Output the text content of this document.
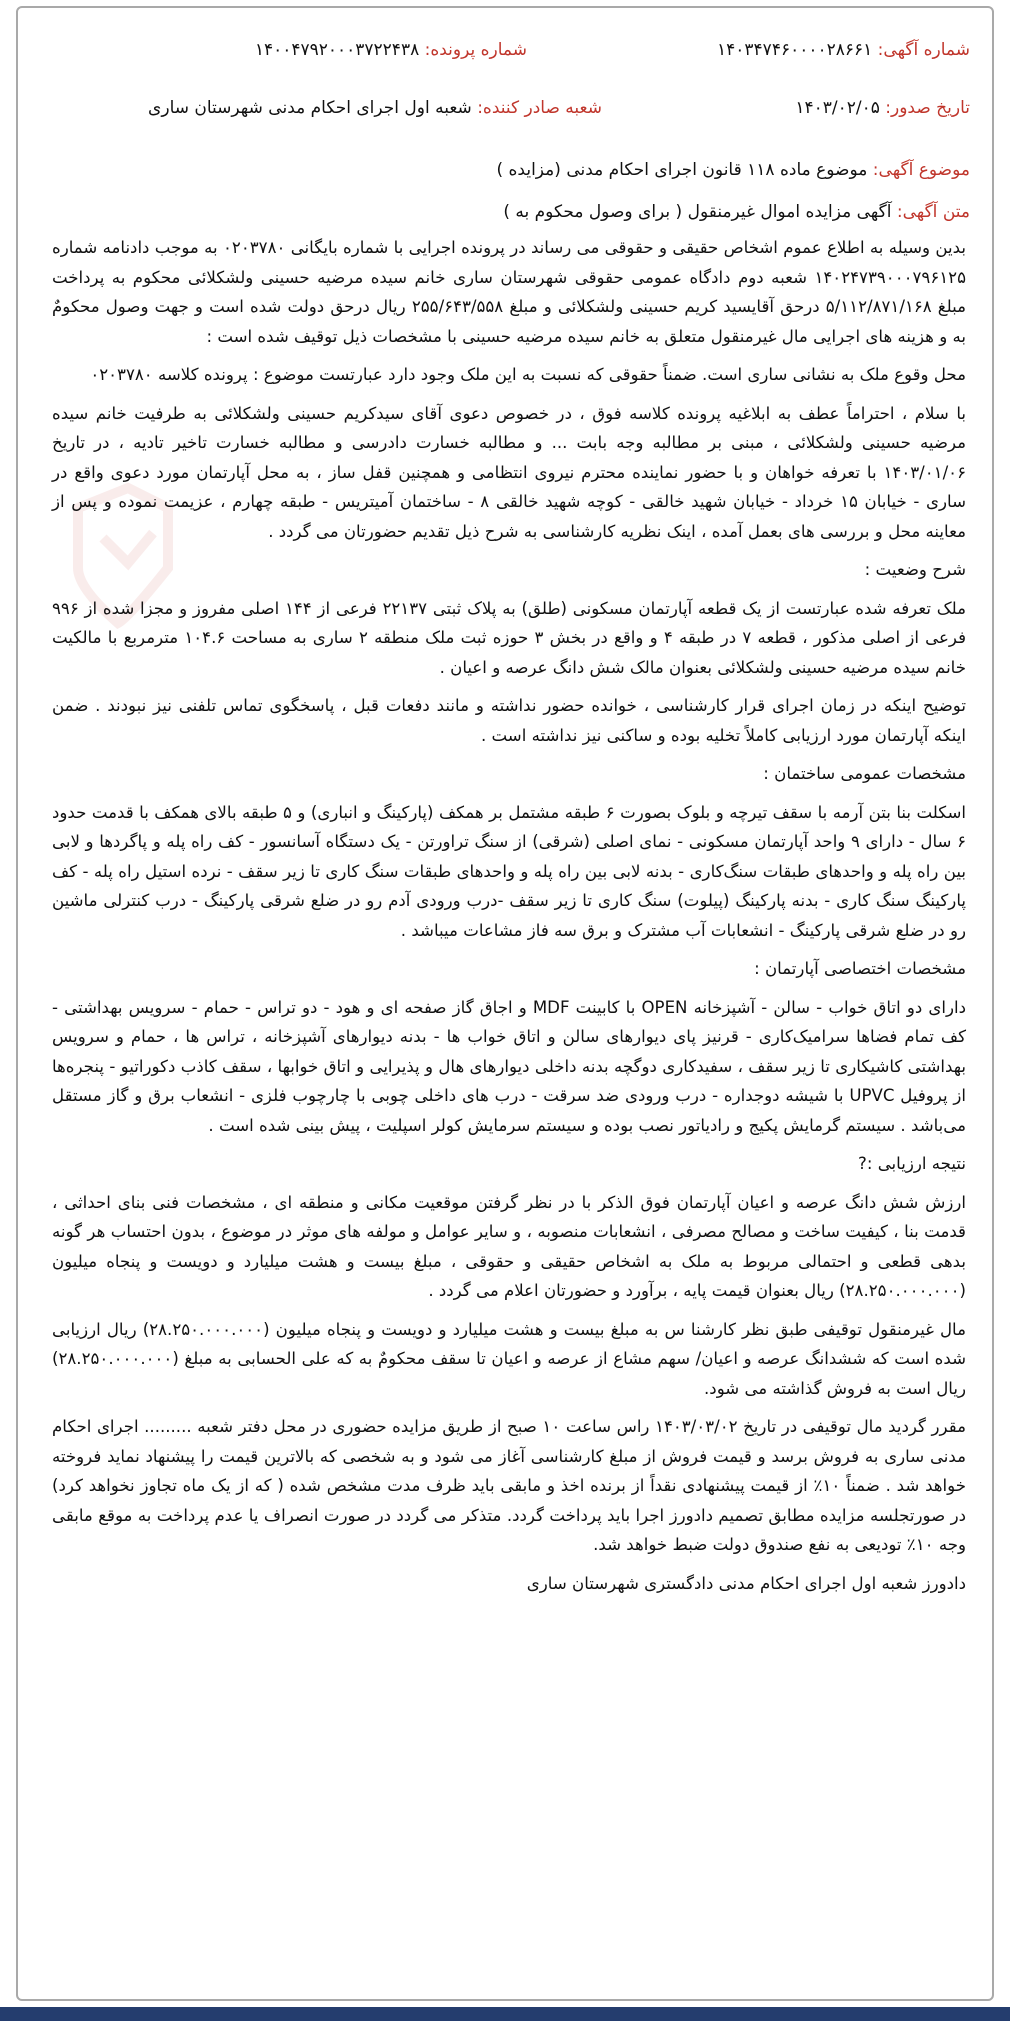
شماره آگهی: ۱۴۰۳۴۷۴۶۰۰۰۰۲۸۶۶۱
شماره پرونده: ۱۴۰۰۴۷۹۲۰۰۰۳۷۲۲۴۳۸
تاریخ صدور: ۱۴۰۳/۰۲/۰۵
شعبه صادر کننده: شعبه اول اجرای احکام مدنی شهرستان ساری
موضوع آگهی: موضوع ماده ۱۱۸ قانون اجرای احکام مدنی (مزایده )
متن آگهی: آگهی مزایده اموال غیرمنقول ( برای وصول محکوم به )

بدین وسیله به اطلاع عموم اشخاص حقیقی و حقوقی می رساند در پرونده اجرایی با شماره بایگانی ۰۲۰۳۷۸۰ به موجب دادنامه شماره ۱۴۰۲۴۷۳۹۰۰۰۷۹۶۱۲۵ شعبه دوم دادگاه عمومی حقوقی شهرستان ساری خانم سیده مرضیه حسینی ولشکلائی محکوم به پرداخت مبلغ ۵/۱۱۲/۸۷۱/۱۶۸ درحق آقایسید کریم حسینی ولشکلائی و مبلغ ۲۵۵/۶۴۳/۵۵۸ ریال درحق دولت شده است و جهت وصول محکومٌ به و هزینه های اجرایی مال غیرمنقول متعلق به خانم سیده مرضیه حسینی با مشخصات ذیل توقیف شده است :

محل وقوع ملک به نشانی ساری است. ضمناً حقوقی که نسبت به این ملک وجود دارد عبارتست موضوع : پرونده کلاسه ۰۲۰۳۷۸۰

با سلام ، احتراماً عطف به ابلاغیه پرونده کلاسه فوق ، در خصوص دعوی آقای سیدکریم حسینی ولشکلائی به طرفیت خانم سیده مرضیه حسینی ولشکلائی ، مبنی بر مطالبه وجه بابت ... و مطالبه خسارت دادرسی و مطالبه خسارت تاخیر تادیه ، در تاریخ ۱۴۰۳/۰۱/۰۶ با تعرفه خواهان و با حضور نماینده محترم نیروی انتظامی و همچنین قفل ساز ، به محل آپارتمان مورد دعوی واقع در ساری - خیابان ۱۵ خرداد - خیابان شهید خالقی - کوچه شهید خالقی ۸ - ساختمان آمیتریس - طبقه چهارم ، عزیمت نموده و پس از معاینه محل و بررسی های بعمل آمده ، اینک نظریه کارشناسی به شرح ذیل تقدیم حضورتان می گردد .

شرح وضعیت :

ملک تعرفه شده عبارتست از یک قطعه آپارتمان مسکونی (طلق) به پلاک ثبتی ۲۲۱۳۷ فرعی از ۱۴۴ اصلی مفروز و مجزا شده از ۹۹۶ فرعی از اصلی مذکور ، قطعه ۷ در طبقه ۴ و واقع در بخش ۳ حوزه ثبت ملک منطقه ۲ ساری به مساحت ۱۰۴.۶ مترمربع با مالکیت خانم سیده مرضیه حسینی ولشکلائی بعنوان مالک شش دانگ عرصه و اعیان .

توضیح اینکه در زمان اجرای قرار کارشناسی ، خوانده حضور نداشته و مانند دفعات قبل ، پاسخگوی تماس تلفنی نیز نبودند . ضمن اینکه آپارتمان مورد ارزیابی کاملاً تخلیه بوده و ساکنی نیز نداشته است .

مشخصات عمومی ساختمان :

اسکلت بنا بتن آرمه با سقف تیرچه و بلوک بصورت ۶ طبقه مشتمل بر همکف (پارکینگ و انباری) و ۵ طبقه بالای همکف با قدمت حدود ۶ سال - دارای ۹ واحد آپارتمان مسکونی - نمای اصلی (شرقی) از سنگ تراورتن - یک دستگاه آسانسور - کف راه پله و پاگردها و لابی بین راه پله و واحدهای طبقات سنگ‌کاری - بدنه لابی بین راه پله و واحدهای طبقات سنگ کاری تا زیر سقف - نرده استیل راه پله - کف پارکینگ سنگ کاری - بدنه پارکینگ (پیلوت) سنگ کاری تا زیر سقف -درب ورودی آدم رو در ضلع شرقی پارکینگ - درب کنترلی ماشین رو در ضلع شرقی پارکینگ - انشعابات آب مشترک و برق سه فاز مشاعات میباشد .

مشخصات اختصاصی آپارتمان :

دارای دو اتاق خواب - سالن - آشپزخانه OPEN با کابینت MDF و اجاق گاز صفحه ای و هود - دو تراس - حمام - سرویس بهداشتی - کف تمام فضاها سرامیک‌کاری - قرنیز پای دیوارهای سالن و اتاق خواب ها - بدنه دیوارهای آشپزخانه ، تراس ها ، حمام و سرویس بهداشتی کاشیکاری تا زیر سقف ، سفیدکاری دوگچه بدنه داخلی دیوارهای هال و پذیرایی و اتاق خوابها ، سقف کاذب دکوراتیو - پنجره‌ها از پروفیل UPVC با شیشه دوجداره - درب ورودی ضد سرقت - درب های داخلی چوبی با چارچوب فلزی - انشعاب برق و گاز مستقل می‌باشد . سیستم گرمایش پکیج و رادیاتور نصب بوده و سیستم سرمایش کولر اسپلیت ، پیش بینی شده است .

نتیجه ارزیابی :?

ارزش شش دانگ عرصه و اعیان آپارتمان فوق الذکر با در نظر گرفتن موقعیت مکانی و منطقه ای ، مشخصات فنی بنای احداثی ، قدمت بنا ، کیفیت ساخت و مصالح مصرفی ، انشعابات منصوبه ، و سایر عوامل و مولفه های موثر در موضوع ، بدون احتساب هر گونه بدهی قطعی و احتمالی مربوط به ملک به اشخاص حقیقی و حقوقی ، مبلغ بیست و هشت میلیارد و دویست و پنجاه میلیون (۲۸.۲۵۰.۰۰۰.۰۰۰) ریال بعنوان قیمت پایه ، برآورد و حضورتان اعلام می گردد .

مال غیرمنقول توقیفی طبق نظر کارشنا س به مبلغ بیست و هشت میلیارد و دویست و پنجاه میلیون (۲۸.۲۵۰.۰۰۰.۰۰۰) ریال ارزیابی شده است که ششدانگ عرصه و اعیان/ سهم مشاع از عرصه و اعیان تا سقف محکومٌ به که علی الحسابی به مبلغ (۲۸.۲۵۰.۰۰۰.۰۰۰) ریال است به فروش گذاشته می شود.

مقرر گردید مال توقیفی در تاریخ ۱۴۰۳/۰۳/۰۲ راس ساعت ۱۰ صبح از طریق مزایده حضوری در محل دفتر شعبه ......... اجرای احکام مدنی ساری به فروش برسد و قیمت فروش از مبلغ کارشناسی آغاز می شود و به شخصی که بالاترین قیمت را پیشنهاد نماید فروخته خواهد شد . ضمناً ۱۰٪ از قیمت پیشنهادی نقداً از برنده اخذ و مابقی باید ظرف مدت مشخص شده ( که از یک ماه تجاوز نخواهد کرد) در صورتجلسه مزایده مطابق تصمیم دادورز اجرا باید پرداخت گردد. متذکر می گردد در صورت انصراف یا عدم پرداخت به موقع مابقی وجه ۱۰٪ تودیعی به نفع صندوق دولت ضبط خواهد شد.

دادورز شعبه اول اجرای احکام مدنی دادگستری شهرستان ساری
